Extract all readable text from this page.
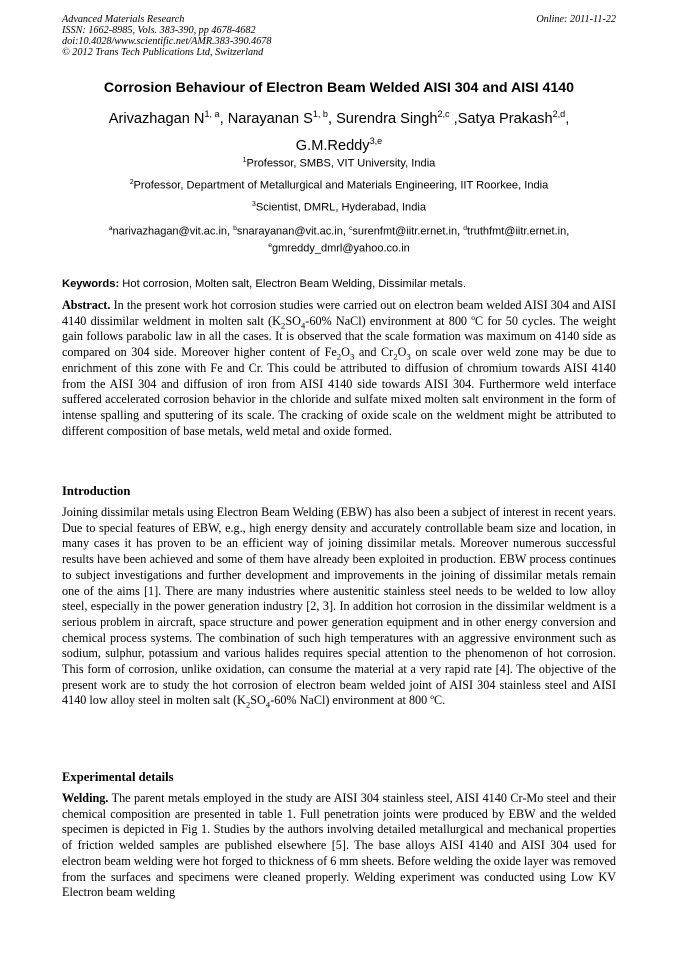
Advanced Materials Research
ISSN: 1662-8985, Vols. 383-390, pp 4678-4682
doi:10.4028/www.scientific.net/AMR.383-390.4678
© 2012 Trans Tech Publications Ltd, Switzerland
Online: 2011-11-22
Corrosion Behaviour of Electron Beam Welded AISI 304 and AISI 4140
Arivazhagan N$^{1, a}$, Narayanan S$^{1, b}$, Surendra Singh$^{2,c}$ ,Satya Prakash$^{2,d}$,
G.M.Reddy$^{3,e}$
$^1$Professor, SMBS, VIT University, India
$^2$Professor, Department of Metallurgical and Materials Engineering, IIT Roorkee, India
$^3$Scientist, DMRL, Hyderabad, India
$^a$narivazhagan@vit.ac.in, $^b$snarayanan@vit.ac.in, $^c$surenfmt@iitr.ernet.in, $^d$truthfmt@iitr.ernet.in,
$^e$gmreddy_dmrl@yahoo.co.in
Keywords: Hot corrosion, Molten salt, Electron Beam Welding, Dissimilar metals.

Abstract. In the present work hot corrosion studies were carried out on electron beam welded AISI 304 and AISI 4140 dissimilar weldment in molten salt ($K_2SO_4-60\%$ NaCl) environment at 800 ºC for 50 cycles. The weight gain follows parabolic law in all the cases. It is observed that the scale formation was maximum on 4140 side as compared on 304 side. Moreover higher content of $Fe_2O_3$ and $Cr_2O_3$ on scale over weld zone may be due to enrichment of this zone with Fe and Cr. This could be attributed to diffusion of chromium towards AISI 4140 from the AISI 304 and diffusion of iron from AISI 4140 side towards AISI 304. Furthermore weld interface suffered accelerated corrosion behavior in the chloride and sulfate mixed molten salt environment in the form of intense spalling and sputtering of its scale. The cracking of oxide scale on the weldment might be attributed to different composition of base metals, weld metal and oxide formed.

Introduction

Joining dissimilar metals using Electron Beam Welding (EBW) has also been a subject of interest in recent years. Due to special features of EBW, e.g., high energy density and accurately controllable beam size and location, in many cases it has proven to be an efficient way of joining dissimilar metals. Moreover numerous successful results have been achieved and some of them have already been exploited in production. EBW process continues to subject investigations and further development and improvements in the joining of dissimilar metals remain one of the aims [1]. There are many industries where austenitic stainless steel needs to be welded to low alloy steel, especially in the power generation industry [2, 3]. In addition hot corrosion in the dissimilar weldment is a serious problem in aircraft, space structure and power generation equipment and in other energy conversion and chemical process systems. The combination of such high temperatures with an aggressive environment such as sodium, sulphur, potassium and various halides requires special attention to the phenomenon of hot corrosion. This form of corrosion, unlike oxidation, can consume the material at a very rapid rate [4]. The objective of the present work are to study the hot corrosion of electron beam welded joint of AISI 304 stainless steel and AISI 4140 low alloy steel in molten salt ($K_2SO_4-60\%$ NaCl) environment at 800 ºC.

Experimental details

Welding. The parent metals employed in the study are AISI 304 stainless steel, AISI 4140 Cr-Mo steel and their chemical composition are presented in table 1. Full penetration joints were produced by EBW and the welded specimen is depicted in Fig 1. Studies by the authors involving detailed metallurgical and mechanical properties of friction welded samples are published elsewhere [5]. The base alloys AISI 4140 and AISI 304 used for electron beam welding were hot forged to thickness of 6 mm sheets. Before welding the oxide layer was removed from the surfaces and specimens were cleaned properly. Welding experiment was conducted using Low KV Electron beam welding
